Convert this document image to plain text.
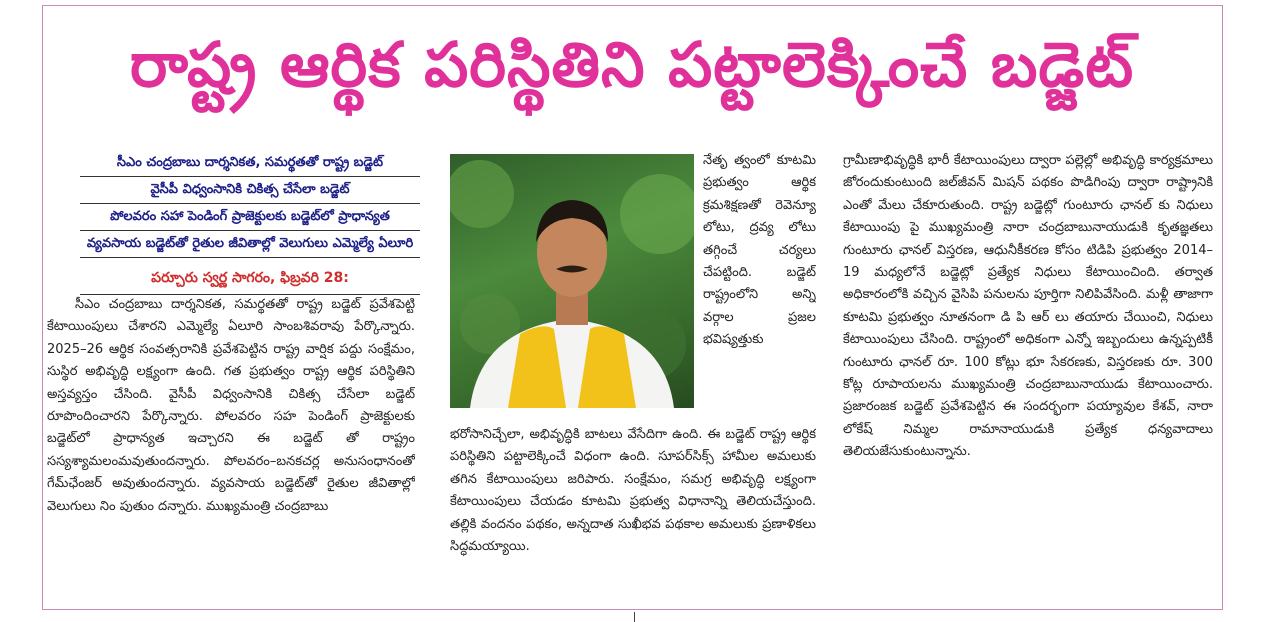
రాష్ట్ర ఆర్థిక పరిస్థితిని పట్టాలెక్కించే బడ్జెట్
సీఎం చంద్రబాబు దార్శనికత, సమర్థతతో రాష్ట్ర బడ్జెట్
వైసీపీ విధ్వంసానికి చికిత్స చేసేలా బడ్జెట్
పోలవరం సహా పెండింగ్ ప్రాజెక్టులకు బడ్జెట్‌లో ప్రాధాన్యత
వ్యవసాయ బడ్జెట్‌తో రైతుల జీవితాల్లో వెలుగులు ఎమ్మెల్యే ఏలూరి
పర్చూరు స్వర్ణ సాగరం, ఫిబ్రవరి 28:
సీఎం చంద్రబాబు దార్శనికత, సమర్థతతో రాష్ట్ర బడ్జెట్ ప్రవేశపెట్టి కేటాయింపులు చేశారని ఎమ్మెల్యే ఏలూరి సాంబశివరావు పేర్కొన్నారు. 2025–26 ఆర్థిక సంవత్సరానికి ప్రవేశపెట్టిన రాష్ట్ర వార్షిక పద్దు సంక్షేమం, సుస్థిర అభివృద్ధి లక్ష్యంగా ఉంది. గత ప్రభుత్వం రాష్ట్ర ఆర్థిక పరిస్థితిని అస్తవ్యస్తం చేసింది. వైసీపీ విధ్వంసానికి చికిత్స చేసేలా బడ్జెట్ రూపొందించారని పేర్కొన్నారు. పోలవరం సహ పెండింగ్ ప్రాజెక్టులకు బడ్జెట్‌లో ప్రాధాన్యత ఇచ్చారని ఈ బడ్జెట్ తో రాష్ట్రం సస్యశ్యామలంమవుతుందన్నారు. పోలవరం–బనకచర్ల అనుసంధానంతో గేమ్‌ఛేంజర్ అవుతుందన్నారు. వ్యవసాయ బడ్జెట్‌తో రైతుల జీవితాల్లో వెలుగులు నిం పుతుం దన్నారు. ముఖ్యమంత్రి చంద్రబాబు
నేతృ త్వంలో కూటమి ప్రభుత్వం ఆర్థిక క్రమశిక్షణతో రెవెన్యూ లోటు, ద్రవ్య లోటు తగ్గించే చర్యలు చేపట్టింది. బడ్జెట్ రాష్ట్రంలోని అన్ని వర్గాల ప్రజల భవిష్యత్తుకు
భరోసానిచ్చేలా, అభివృద్ధికి బాటలు వేసేదిగా ఉంది. ఈ బడ్జెట్ రాష్ట్ర ఆర్థిక పరిస్థితిని పట్టాలెక్కించే విధంగా ఉంది. సూపర్‌సిక్స్ హామీల అమలుకు తగిన కేటాయింపులు జరిపారు. సంక్షేమం, సమగ్ర అభివృద్ధి లక్ష్యంగా కేటాయింపులు చేయడం కూటమి ప్రభుత్వ విధానాన్ని తెలియచేస్తుంది. తల్లికి వందనం పథకం, అన్నదాత సుఖీభవ పథకాల అమలుకు ప్రణాళికలు సిద్ధమయ్యాయి.
గ్రామీణాభివృద్ధికి భారీ కేటాయింపులు ద్వారా పల్లెల్లో అభివృద్ధి కార్యక్రమాలు జోరందుకుంటుంది జల్‌జీవన్ మిషన్ పథకం పొడిగింపు ద్వారా రాష్ట్రానికి ఎంతో మేలు చేకూరుతుంది. రాష్ట్ర బడ్జెట్లో గుంటూరు ఛానల్ కు నిధులు కేటాయింపు పై ముఖ్యమంత్రి నారా చంద్రబాబునాయుడుకి కృతజ్ఞతలు గుంటూరు ఛానల్ విస్తరణ, ఆధునీకీకరణ కోసం టిడిపి ప్రభుత్వం 2014–19 మధ్యలోనే బడ్జెట్లో ప్రత్యేక నిధులు కేటాయించింది. తర్వాత అధికారంలోకి వచ్చిన వైసిపి పనులను పూర్తిగా నిలిపివేసింది. మళ్లీ తాజాగా కూటమి ప్రభుత్వం నూతనంగా డి పి ఆర్ లు తయారు చేయించి, నిధులు కేటాయింపులు చేసింది. రాష్ట్రంలో అధికంగా ఎన్నో ఇబ్బందులు ఉన్నప్పటికీ గుంటూరు ఛానల్ రూ. 100 కోట్లు భూ సేకరణకు, విస్తరణకు రూ. 300 కోట్ల రూపాయలను ముఖ్యమంత్రి చంద్రబాబునాయుడు కేటాయించారు. ప్రజారంజక బడ్జెట్ ప్రవేశపెట్టిన ఈ సందర్భంగా పయ్యావుల కేశవ్, నారా లోకేష్ నిమ్మల రామానాయుడుకి ప్రత్యేక ధన్యవాదాలు తెలియజేసుకుంటున్నాను.
